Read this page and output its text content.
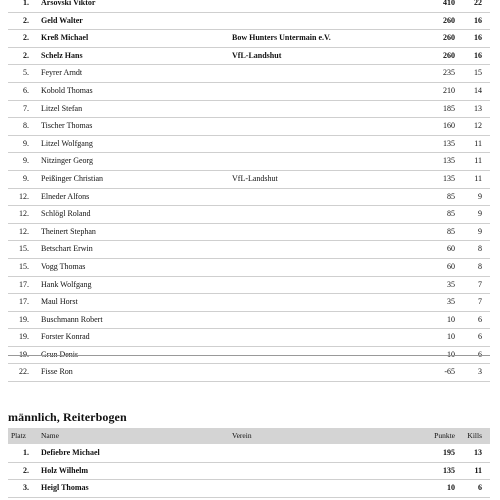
1. Arsovski Viktor	410 22
2. Geld Walter	260 16
2. Kreß Michael	Bow Hunters Untermain e.V.	260 16
2. Schelz Hans	VfL-Landshut	260 16
5. Feyrer Arndt	235 15
6. Kobold Thomas	210 14
7. Litzel Stefan	185 13
8. Tischer Thomas	160 12
9. Litzel Wolfgang	135 11
9. Nitzinger Georg	135 11
9. Peißinger Christian	VfL-Landshut	135 11
12. Elneder Alfons	85	9
12. Schlögl Roland	85	9
12. Theinert Stephan	85	9
15. Betschart Erwin	60	8
15. Vogg Thomas	60	8
17. Hank Wolfgang	35	7
17. Maul Horst	35	7
19. Buschmann Robert	10	6
19. Forster Konrad	10	6
22. Fisse Ron	-65	3
männlich, Reiterbogen
Platz Name	Verein	Punkte Kills
1. Defiebre Michael	195 13
2. Holz Wilhelm	135 11
3. Heigl Thomas	10	6
